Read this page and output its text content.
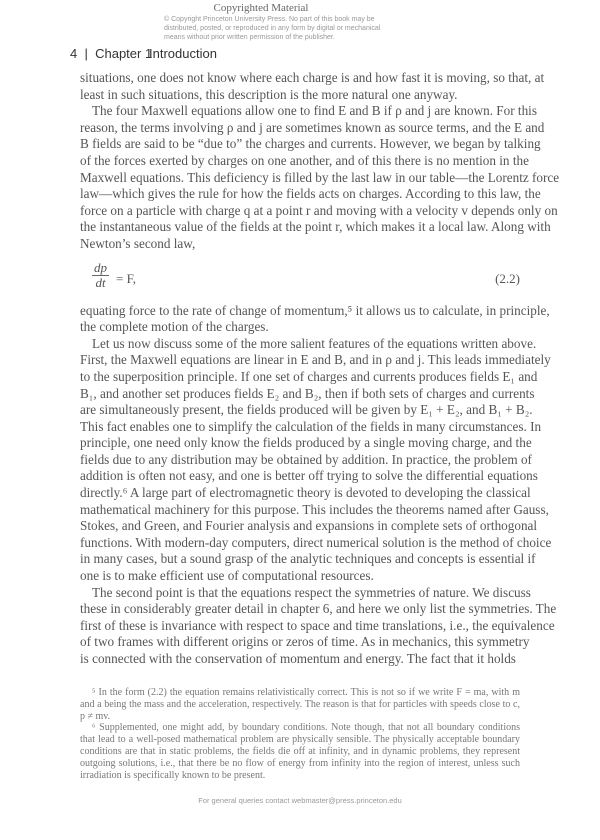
Copyrighted Material
© Copyright Princeton University Press. No part of this book may be
distributed, posted, or reproduced in any form by digital or mechanical
means without prior written permission of the publisher.
4  |  Chapter 1
Introduction
situations, one does not know where each charge is and how fast it is moving, so that, at
least in such situations, this description is the more natural one anyway.
The four Maxwell equations allow one to find E and B if ρ and j are known. For this
reason, the terms involving ρ and j are sometimes known as source terms, and the E and
B fields are said to be “due to” the charges and currents. However, we began by talking
of the forces exerted by charges on one another, and of this there is no mention in the
Maxwell equations. This deficiency is filled by the last law in our table—the Lorentz force
law—which gives the rule for how the fields acts on charges. According to this law, the
force on a particle with charge q at a point r and moving with a velocity v depends only on
the instantaneous value of the fields at the point r, which makes it a local law. Along with
Newton’s second law,
$\frac{dp}{dt} = F$,	(2.2)
equating force to the rate of change of momentum,⁵ it allows us to calculate, in principle,
the complete motion of the charges.
Let us now discuss some of the more salient features of the equations written above.
First, the Maxwell equations are linear in E and B, and in ρ and j. This leads immediately
to the superposition principle. If one set of charges and currents produces fields E₁ and
B₁, and another set produces fields E₂ and B₂, then if both sets of charges and currents
are simultaneously present, the fields produced will be given by E₁ + E₂, and B₁ + B₂.
This fact enables one to simplify the calculation of the fields in many circumstances. In
principle, one need only know the fields produced by a single moving charge, and the
fields due to any distribution may be obtained by addition. In practice, the problem of
addition is often not easy, and one is better off trying to solve the differential equations
directly.⁶ A large part of electromagnetic theory is devoted to developing the classical
mathematical machinery for this purpose. This includes the theorems named after Gauss,
Stokes, and Green, and Fourier analysis and expansions in complete sets of orthogonal
functions. With modern-day computers, direct numerical solution is the method of choice
in many cases, but a sound grasp of the analytic techniques and concepts is essential if
one is to make efficient use of computational resources.
The second point is that the equations respect the symmetries of nature. We discuss
these in considerably greater detail in chapter 6, and here we only list the symmetries. The
first of these is invariance with respect to space and time translations, i.e., the equivalence
of two frames with different origins or zeros of time. As in mechanics, this symmetry
is connected with the conservation of momentum and energy. The fact that it holds
⁵ In the form (2.2) the equation remains relativistically correct. This is not so if we write F = ma, with m
and a being the mass and the acceleration, respectively. The reason is that for particles with speeds close to c,
p ≠ mv.
⁶ Supplemented, one might add, by boundary conditions. Note though, that not all boundary conditions
that lead to a well-posed mathematical problem are physically sensible. The physically acceptable boundary
conditions are that in static problems, the fields die off at infinity, and in dynamic problems, they represent
outgoing solutions, i.e., that there be no flow of energy from infinity into the region of interest, unless such
irradiation is specifically known to be present.
For general queries contact webmaster@press.princeton.edu
